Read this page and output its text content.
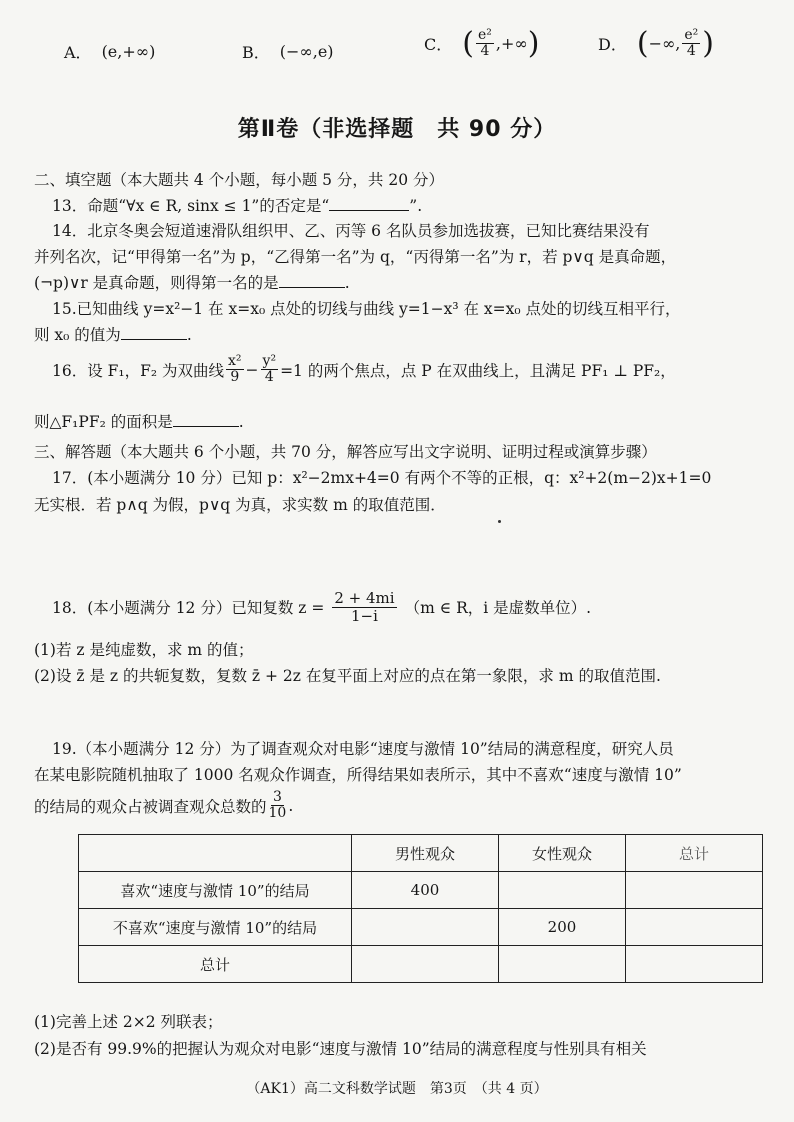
A． (e,+∞)	B． (−∞,e)	C． ( $\frac{\text{e²}}{4}$ ,+∞ )	D． ( −∞, $\frac{\text{e²}}{4}$ )
第Ⅱ卷（非选择题　共 90 分）
二、填空题（本大题共 4 个小题，每小题 5 分，共 20 分）
13．命题“∀x ∈ R, sinx ≤ 1”的否定是“	”.
14．北京冬奥会短道速滑队组织甲、乙、丙等 6 名队员参加选拔赛，已知比赛结果没有
并列名次，记“甲得第一名”为 p，“乙得第一名”为 q，“丙得第一名”为 r，若 p∨q 是真命题，
(¬p)∨r 是真命题，则得第一名的是	.
15.已知曲线 y=x²−1 在 x=x₀ 点处的切线与曲线 y=1−x³ 在 x=x₀ 点处的切线互相平行，
则 x₀ 的值为	.
16．设 F₁，F₂ 为双曲线 $\frac{\text{x²}}{9} - \frac{\text{y²}}{4} =1$ 的两个焦点，点 P 在双曲线上，且满足 PF₁ ⊥ PF₂，
则△F₁PF₂ 的面积是	.
三、解答题（本大题共 6 个小题，共 70 分，解答应写出文字说明、证明过程或演算步骤）
17．(本小题满分 10 分）已知 p：x²−2mx+4=0 有两个不等的正根，q：x²+2(m−2)x+1=0
无实根．若 p∧q 为假，p∨q 为真，求实数 m 的取值范围．
18．(本小题满分 12 分）已知复数 $z = \frac{2 + 4mi}{1-i} (m$ ∈ R，i 是虚数单位）.
(1)若 z 是纯虚数，求 m 的值；
(2)设 z̄ 是 z 的共轭复数，复数 z̄ + 2z 在复平面上对应的点在第一象限，求 m 的取值范围.
19.（本小题满分 12 分）为了调查观众对电影“速度与激情 10”结局的满意程度，研究人员
在某电影院随机抽取了 1000 名观众作调查，所得结果如表所示，其中不喜欢“速度与激情 10”
的结局的观众占被调查观众总数的 $\frac{3}{10}$ .
	男性观众	女性观众	总计
喜欢“速度与激情 10”的结局	400		
不喜欢“速度与激情 10”的结局		200	
总计			
(1)完善上述 2×2 列联表；
(2)是否有 99.9%的把握认为观众对电影“速度与激情 10”结局的满意程度与性别具有相关
（AK1）高二文科数学试题　第3页　（共 4 页）
